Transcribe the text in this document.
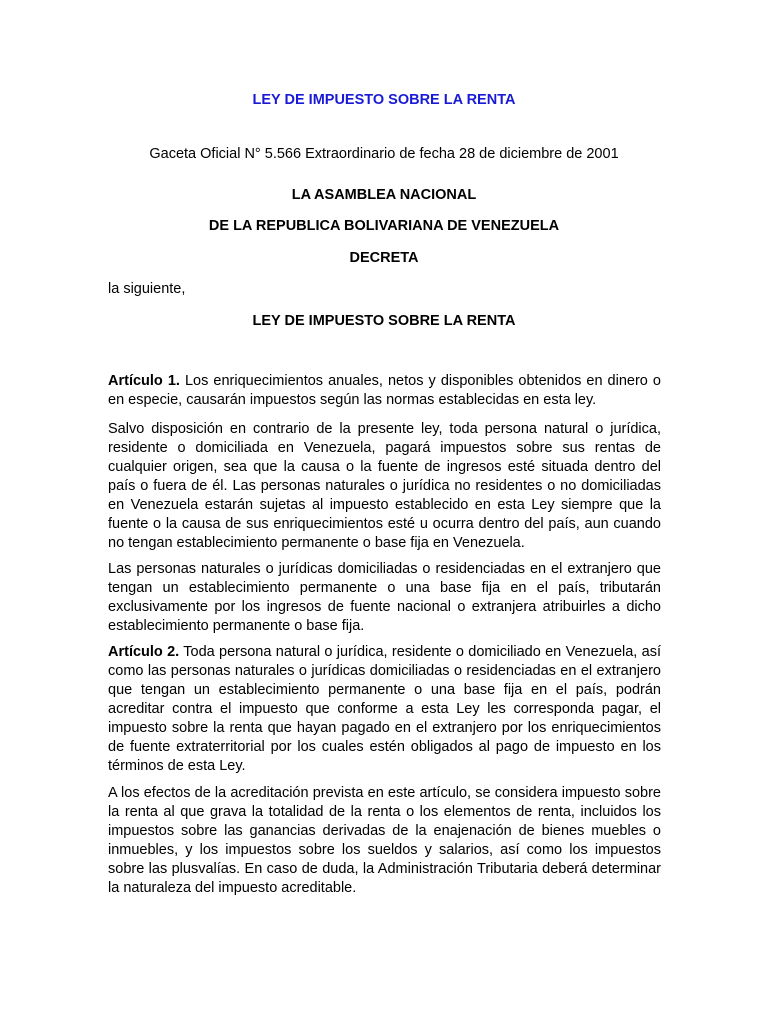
LEY DE IMPUESTO SOBRE LA RENTA
Gaceta Oficial N° 5.566 Extraordinario de fecha 28 de diciembre de 2001
LA ASAMBLEA NACIONAL
DE LA REPUBLICA BOLIVARIANA DE VENEZUELA
DECRETA
la siguiente,
LEY DE IMPUESTO SOBRE LA RENTA
Artículo 1. Los enriquecimientos anuales, netos y disponibles obtenidos en dinero o en especie, causarán impuestos según las normas establecidas en esta ley.
Salvo disposición en contrario de la presente ley, toda persona natural o jurídica, residente o domiciliada en Venezuela, pagará impuestos sobre sus rentas de cualquier origen, sea que la causa o la fuente de ingresos esté situada dentro del país o fuera de él. Las personas naturales o jurídica no residentes o no domiciliadas en Venezuela estarán sujetas al impuesto establecido en esta Ley siempre que la fuente o la causa de sus enriquecimientos esté u ocurra dentro del país, aun cuando no tengan establecimiento permanente o base fija en Venezuela.
Las personas naturales o jurídicas domiciliadas o residenciadas en el extranjero que tengan un establecimiento permanente o una base fija en el país, tributarán exclusivamente por los ingresos de fuente nacional o extranjera atribuirles a dicho establecimiento permanente o base fija.
Artículo 2. Toda persona natural o jurídica, residente o domiciliado en Venezuela, así como las personas naturales o jurídicas domiciliadas o residenciadas en el extranjero que tengan un establecimiento permanente o una base fija en el país, podrán acreditar contra el impuesto que conforme a esta Ley les corresponda pagar, el impuesto sobre la renta que hayan pagado en el extranjero por los enriquecimientos de fuente extraterritorial por los cuales estén obligados al pago de impuesto en los términos de esta Ley.
A los efectos de la acreditación prevista en este artículo, se considera impuesto sobre la renta al que grava la totalidad de la renta o los elementos de renta, incluidos los impuestos sobre las ganancias derivadas de la enajenación de bienes muebles o inmuebles, y los impuestos sobre los sueldos y salarios, así como los impuestos sobre las plusvalías. En caso de duda, la Administración Tributaria deberá determinar la naturaleza del impuesto acreditable.
